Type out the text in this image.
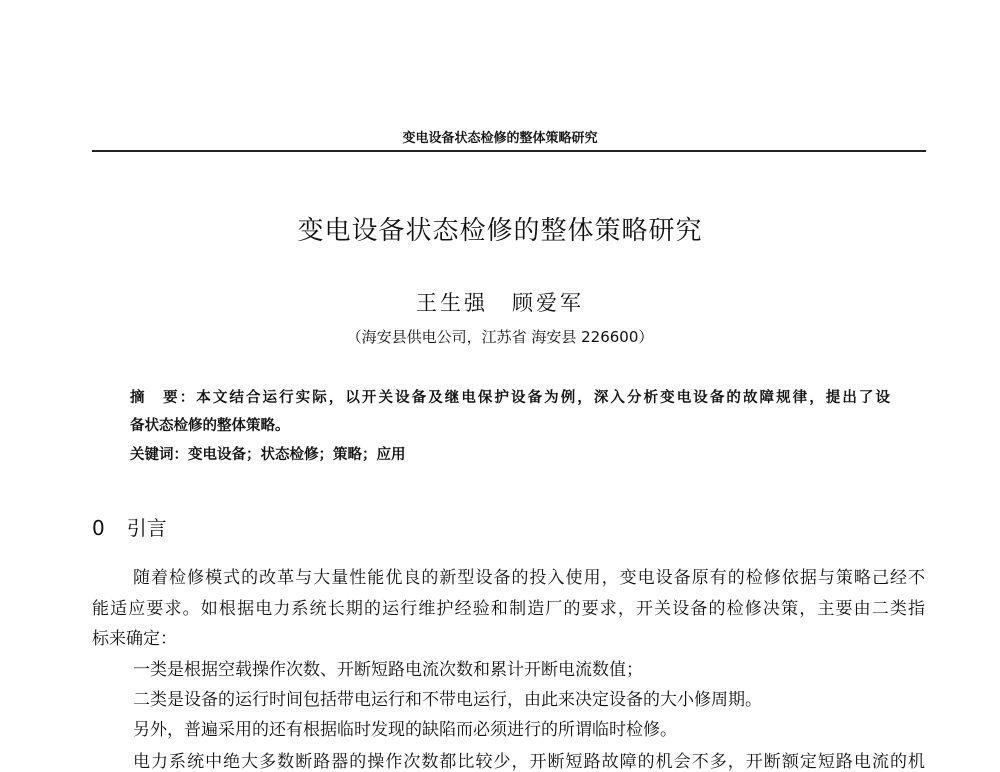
变电设备状态检修的整体策略研究
变电设备状态检修的整体策略研究
王生强　顾爱军
（海安县供电公司，江苏省 海安县 226600）
摘　要：本文结合运行实际，以开关设备及继电保护设备为例，深入分析变电设备的故障规律，提出了设
备状态检修的整体策略。
关键词：变电设备；状态检修；策略；应用
0 引言
随着检修模式的改革与大量性能优良的新型设备的投入使用，变电设备原有的检修依据与策略己经不
能适应要求。如根据电力系统长期的运行维护经验和制造厂的要求，开关设备的检修决策，主要由二类指
标来确定：
一类是根据空载操作次数、开断短路电流次数和累计开断电流数值；
二类是设备的运行时间包括带电运行和不带电运行，由此来决定设备的大小修周期。
另外，普遍采用的还有根据临时发现的缺陷而必须进行的所谓临时检修。
电力系统中绝大多数断路器的操作次数都比较少，开断短路故障的机会不多，开断额定短路电流的机
